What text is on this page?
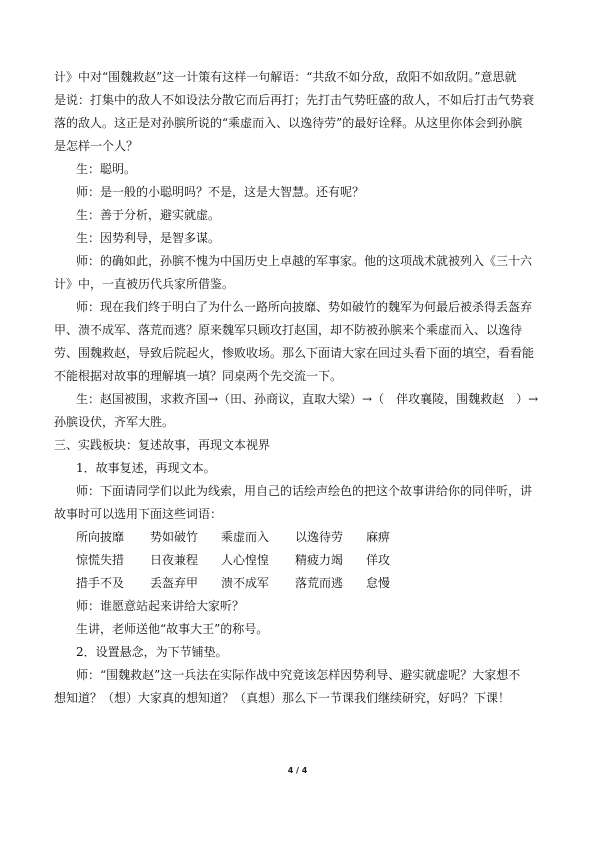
计》中对“围魏救赵”这一计策有这样一句解语：“共敌不如分敌，敌阳不如敌阴。”意思就
是说：打集中的敌人不如设法分散它而后再打；先打击气势旺盛的敌人，不如后打击气势衰
落的敌人。这正是对孙膑所说的“乘虚而入、以逸待劳”的最好诠释。从这里你体会到孙膑
是怎样一个人？
生：聪明。
师：是一般的小聪明吗？不是，这是大智慧。还有呢？
生：善于分析，避实就虚。
生：因势利导，是智多谋。
师：的确如此，孙膑不愧为中国历史上卓越的军事家。他的这项战术就被列入《三十六
计》中，一直被历代兵家所借鉴。
师：现在我们终于明白了为什么一路所向披靡、势如破竹的魏军为何最后被杀得丢盔弃
甲、溃不成军、落荒而逃？原来魏军只顾攻打赵国，却不防被孙膑来个乘虚而入、以逸待
劳、围魏救赵，导致后院起火，惨败收场。那么下面请大家在回过头看下面的填空，看看能
不能根据对故事的理解填一填？同桌两个先交流一下。
生：赵国被围，求救齐国→（田、孙商议，直取大梁）→（　伴攻襄陵，围魏救赵　）→
孙膑设伏，齐军大胜。
三、实践板块：复述故事，再现文本视界
1．故事复述，再现文本。
师：下面请同学们以此为线索，用自己的话绘声绘色的把这个故事讲给你的同伴听，讲
故事时可以选用下面这些词语：
所向披靡	势如破竹	乘虚而入	以逸待劳	麻痹
惊慌失措	日夜兼程	人心惶惶	精疲力竭	佯攻
措手不及	丢盔弃甲	溃不成军	落荒而逃	怠慢
师：谁愿意站起来讲给大家听？
生讲，老师送他“故事大王”的称号。
2．设置悬念，为下节铺垫。
师：“围魏救赵”这一兵法在实际作战中究竟该怎样因势利导、避实就虚呢？大家想不
想知道？（想）大家真的想知道？（真想）那么下一节课我们继续研究，好吗？下课！
4 / 4
